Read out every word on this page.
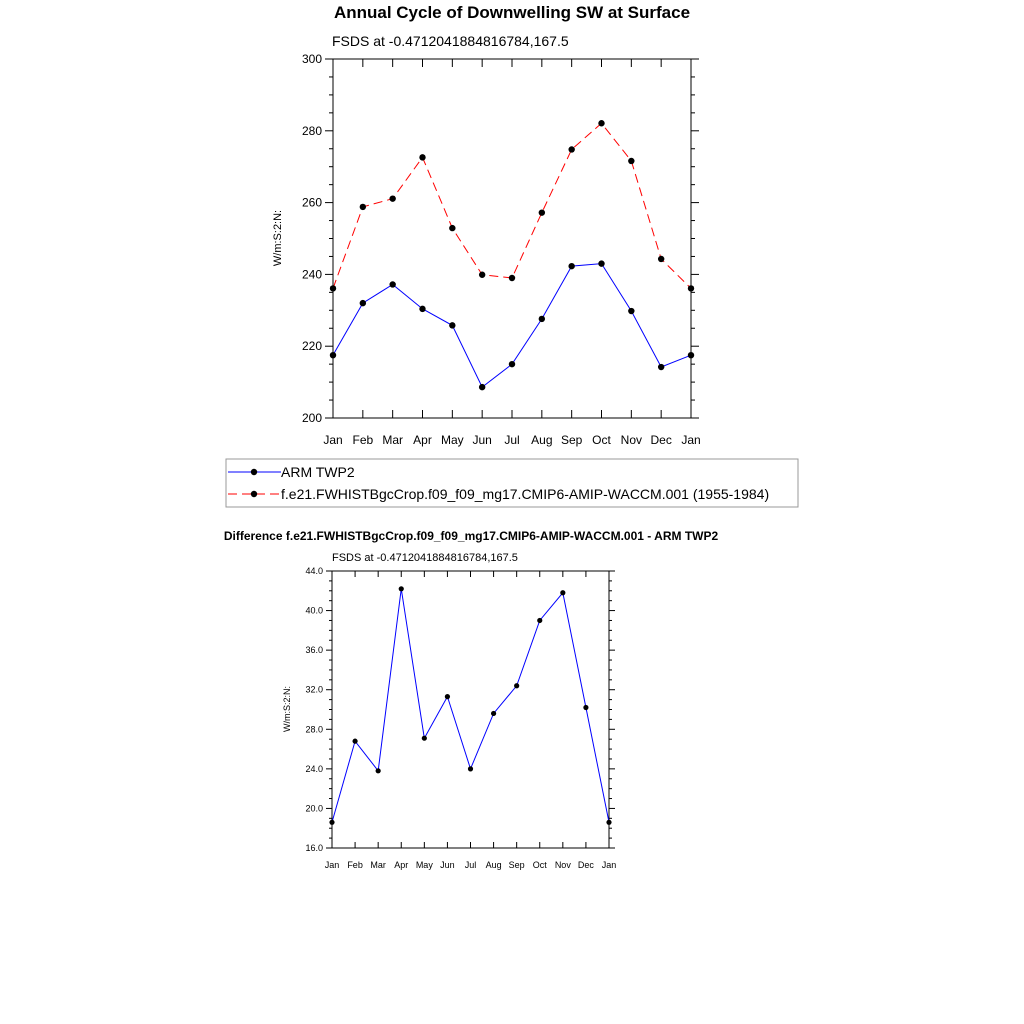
Annual Cycle of Downwelling SW at Surface
FSDS at -0.4712041884816784,167.5
W/m:S:2:N:
Jan Feb Mar Apr May Jun Jul Aug Sep Oct Nov Dec Jan
200
220
240
260
280
300
ARM TWP2
f.e21.FWHISTBgcCrop.f09_f09_mg17.CMIP6-AMIP-WACCM.001 (1955-1984)
Difference f.e21.FWHISTBgcCrop.f09_f09_mg17.CMIP6-AMIP-WACCM.001 - ARM TWP2
FSDS at -0.4712041884816784,167.5
W/m:S:2:N:
Jan Feb Mar Apr May Jun Jul Aug Sep Oct Nov Dec Jan
16.0
20.0
24.0
28.0
32.0
36.0
40.0
44.0
